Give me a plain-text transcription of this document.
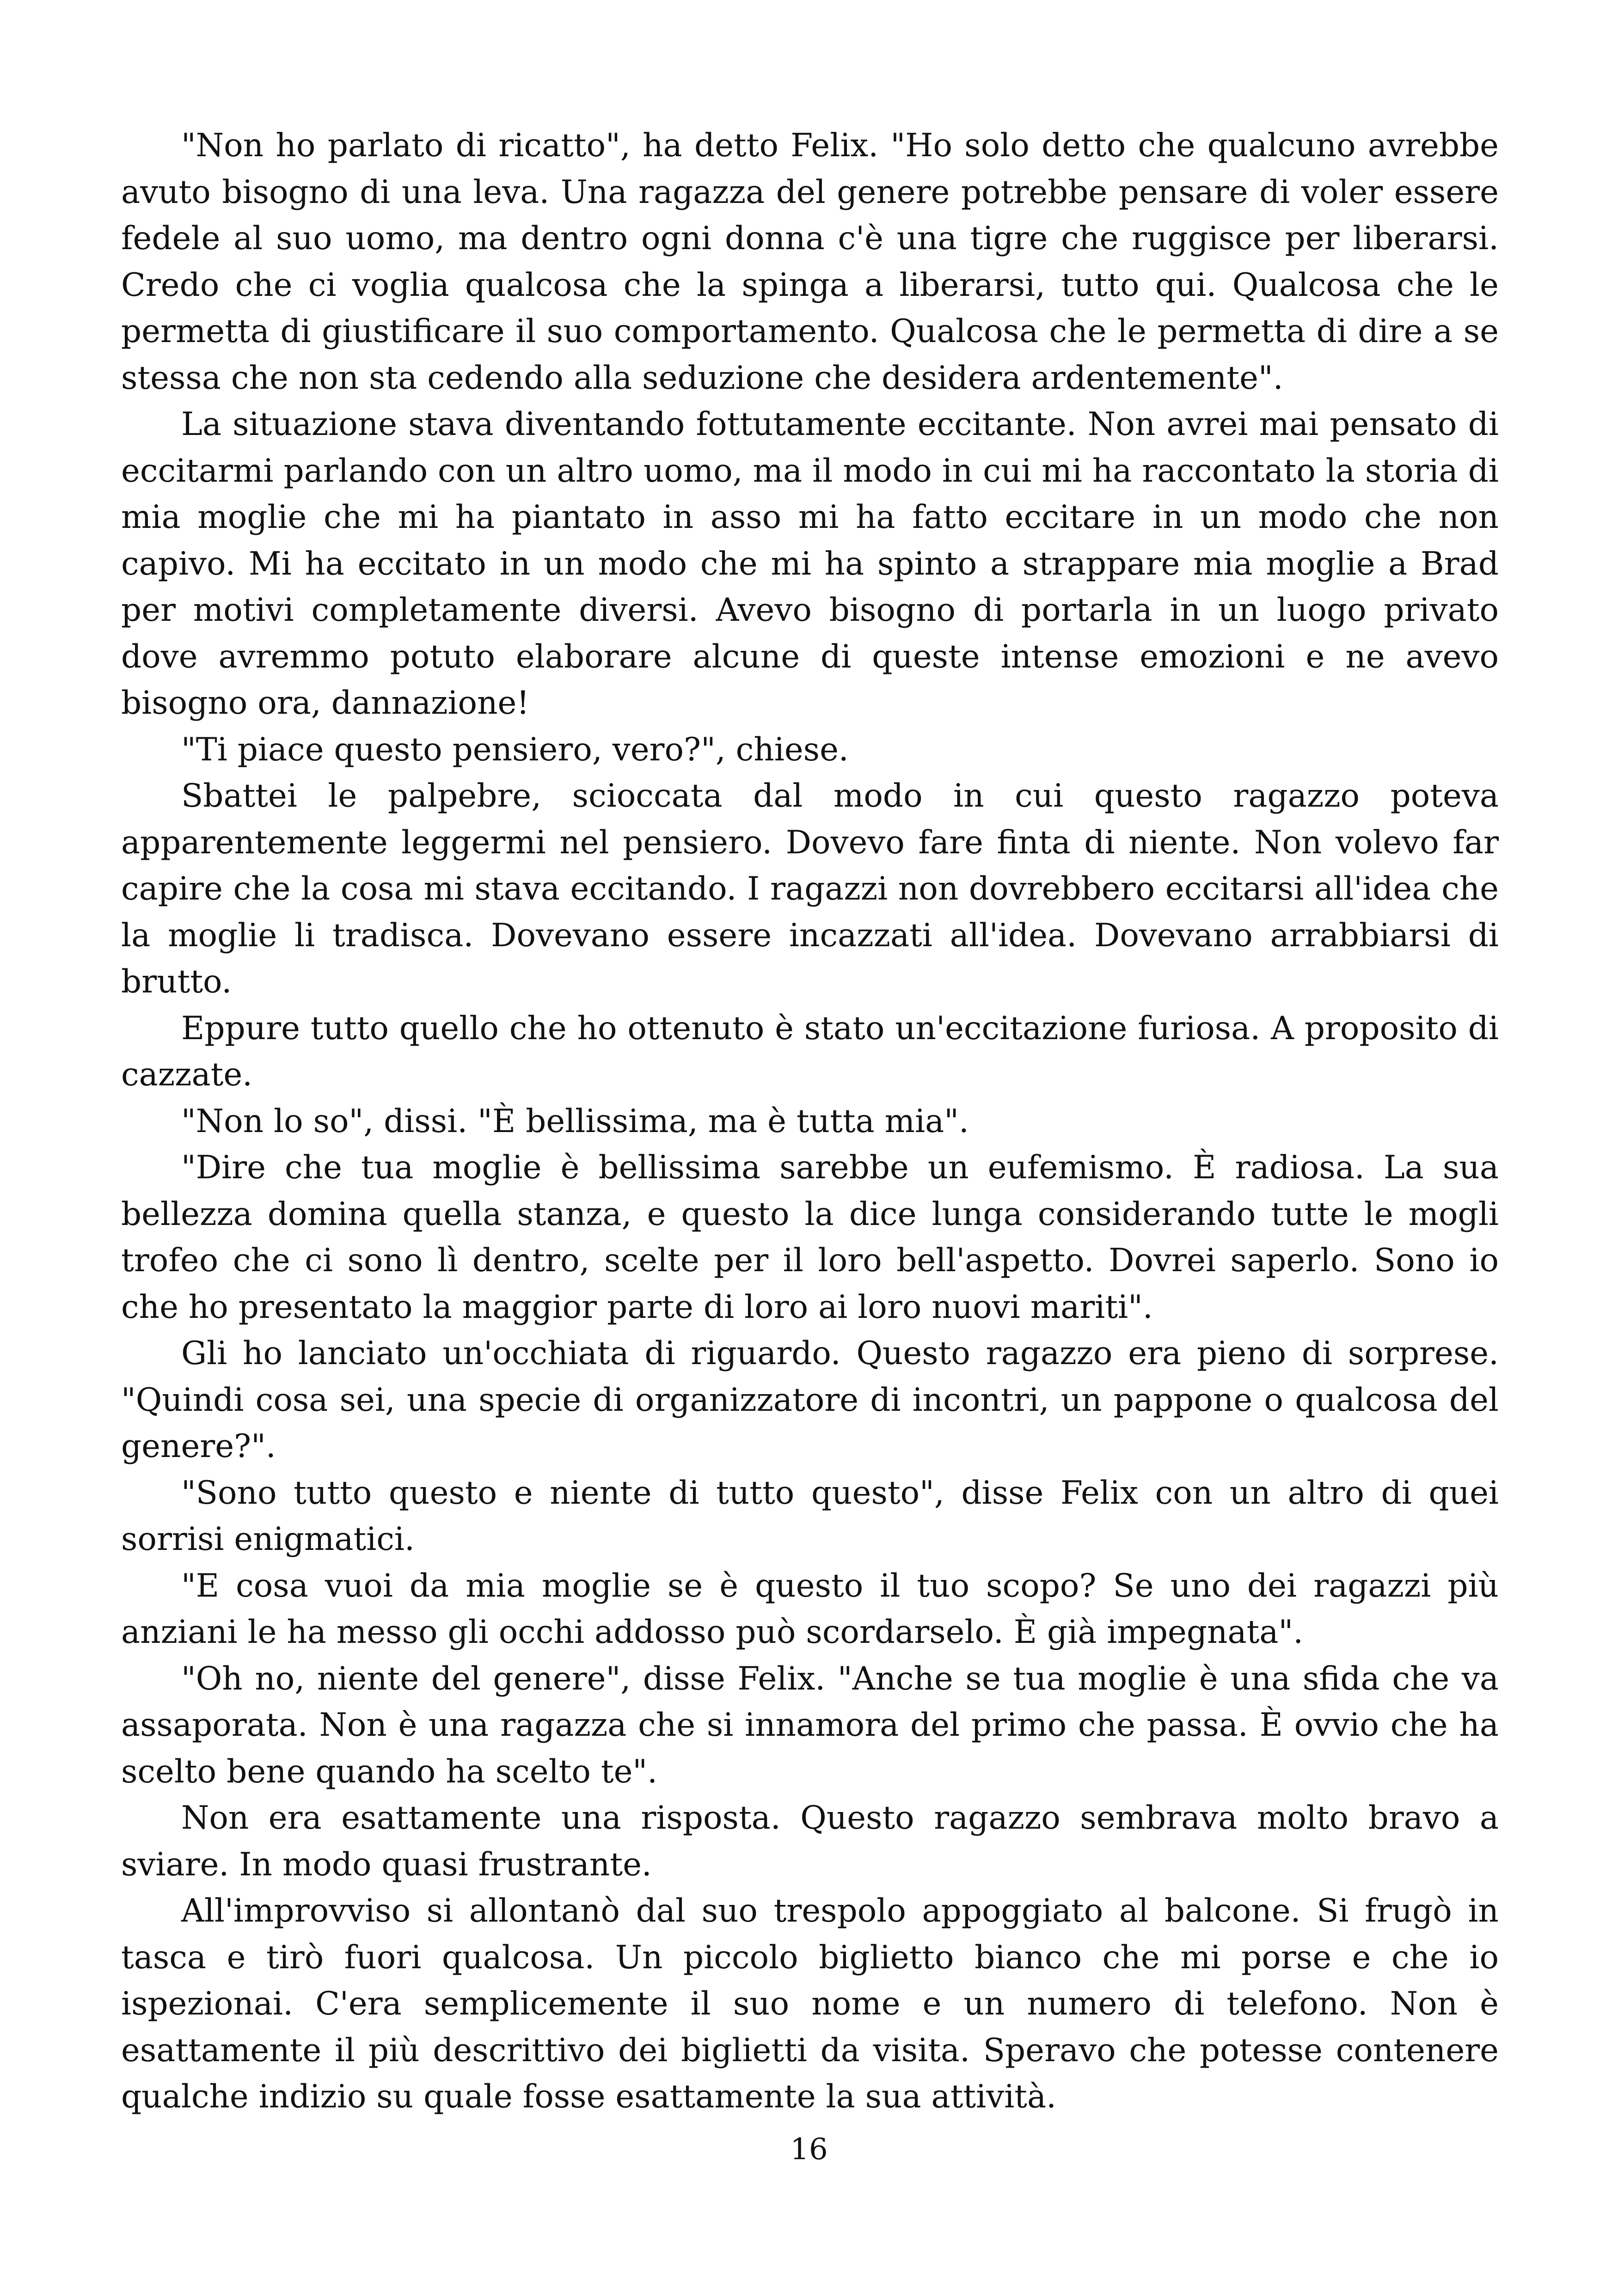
"Non ho parlato di ricatto", ha detto Felix. "Ho solo detto che qualcuno avrebbe avuto bisogno di una leva. Una ragazza del genere potrebbe pensare di voler essere fedele al suo uomo, ma dentro ogni donna c'è una tigre che ruggisce per liberarsi. Credo che ci voglia qualcosa che la spinga a liberarsi, tutto qui. Qualcosa che le permetta di giustificare il suo comportamento. Qualcosa che le permetta di dire a se stessa che non sta cedendo alla seduzione che desidera ardentemente".

La situazione stava diventando fottutamente eccitante. Non avrei mai pensato di eccitarmi parlando con un altro uomo, ma il modo in cui mi ha raccontato la storia di mia moglie che mi ha piantato in asso mi ha fatto eccitare in un modo che non capivo. Mi ha eccitato in un modo che mi ha spinto a strappare mia moglie a Brad per motivi completamente diversi. Avevo bisogno di portarla in un luogo privato dove avremmo potuto elaborare alcune di queste intense emozioni e ne avevo bisogno ora, dannazione!

"Ti piace questo pensiero, vero?", chiese.

Sbattei le palpebre, scioccata dal modo in cui questo ragazzo poteva apparentemente leggermi nel pensiero. Dovevo fare finta di niente. Non volevo far capire che la cosa mi stava eccitando. I ragazzi non dovrebbero eccitarsi all'idea che la moglie li tradisca. Dovevano essere incazzati all'idea. Dovevano arrabbiarsi di brutto.

Eppure tutto quello che ho ottenuto è stato un'eccitazione furiosa. A proposito di cazzate.

"Non lo so", dissi. "È bellissima, ma è tutta mia".

"Dire che tua moglie è bellissima sarebbe un eufemismo. È radiosa. La sua bellezza domina quella stanza, e questo la dice lunga considerando tutte le mogli trofeo che ci sono lì dentro, scelte per il loro bell'aspetto. Dovrei saperlo. Sono io che ho presentato la maggior parte di loro ai loro nuovi mariti".

Gli ho lanciato un'occhiata di riguardo. Questo ragazzo era pieno di sorprese. "Quindi cosa sei, una specie di organizzatore di incontri, un pappone o qualcosa del genere?".

"Sono tutto questo e niente di tutto questo", disse Felix con un altro di quei sorrisi enigmatici.

"E cosa vuoi da mia moglie se è questo il tuo scopo? Se uno dei ragazzi più anziani le ha messo gli occhi addosso può scordarselo. È già impegnata".

"Oh no, niente del genere", disse Felix. "Anche se tua moglie è una sfida che va assaporata. Non è una ragazza che si innamora del primo che passa. È ovvio che ha scelto bene quando ha scelto te".

Non era esattamente una risposta. Questo ragazzo sembrava molto bravo a sviare. In modo quasi frustrante.

All'improvviso si allontanò dal suo trespolo appoggiato al balcone. Si frugò in tasca e tirò fuori qualcosa. Un piccolo biglietto bianco che mi porse e che io ispezionai. C'era semplicemente il suo nome e un numero di telefono. Non è esattamente il più descrittivo dei biglietti da visita. Speravo che potesse contenere qualche indizio su quale fosse esattamente la sua attività.

16
